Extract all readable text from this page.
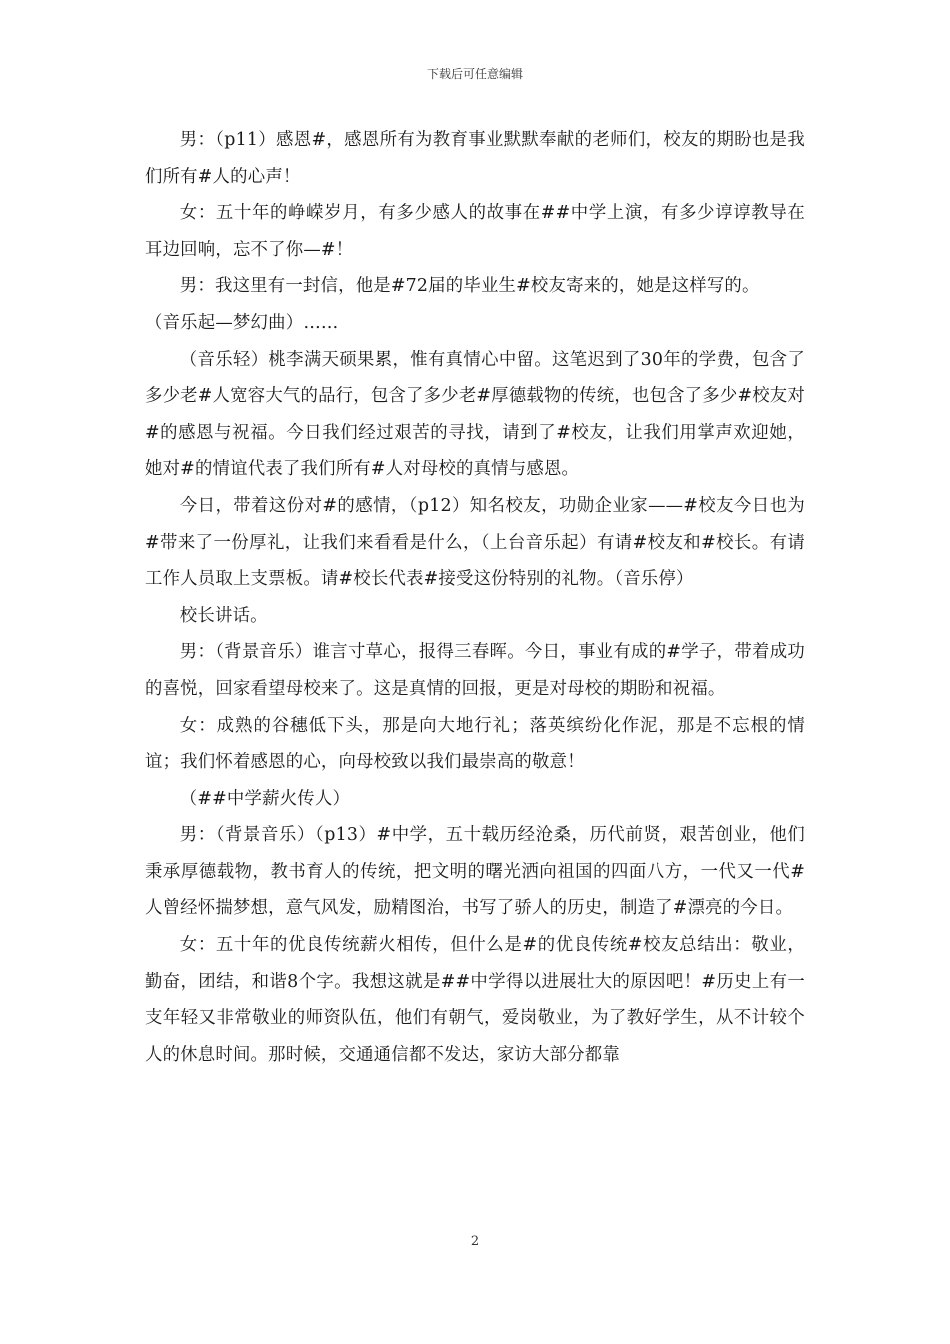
下载后可任意编辑

男：（p11）感恩#，感恩所有为教育事业默默奉献的老师们，校友的期盼也是我们所有#人的心声！

女：五十年的峥嵘岁月，有多少感人的故事在##中学上演，有多少谆谆教导在耳边回响，忘不了你—#！

男：我这里有一封信，他是#72届的毕业生#校友寄来的，她是这样写的。

（音乐起—梦幻曲）……

（音乐轻）桃李满天硕果累，惟有真情心中留。这笔迟到了30年的学费，包含了多少老#人宽容大气的品行，包含了多少老#厚德载物的传统，也包含了多少#校友对#的感恩与祝福。今日我们经过艰苦的寻找，请到了#校友，让我们用掌声欢迎她，她对#的情谊代表了我们所有#人对母校的真情与感恩。

今日，带着这份对#的感情，（p12）知名校友，功勋企业家——#校友今日也为#带来了一份厚礼，让我们来看看是什么，（上台音乐起）有请#校友和#校长。有请工作人员取上支票板。请#校长代表#接受这份特别的礼物。（音乐停）

校长讲话。

男：（背景音乐）谁言寸草心，报得三春晖。今日，事业有成的#学子，带着成功的喜悦，回家看望母校来了。这是真情的回报，更是对母校的期盼和祝福。

女：成熟的谷穗低下头，那是向大地行礼；落英缤纷化作泥，那是不忘根的情谊；我们怀着感恩的心，向母校致以我们最崇高的敬意！

（##中学薪火传人）

男：（背景音乐）（p13）#中学，五十载历经沧桑，历代前贤，艰苦创业，他们秉承厚德载物，教书育人的传统，把文明的曙光洒向祖国的四面八方，一代又一代#人曾经怀揣梦想，意气风发，励精图治，书写了骄人的历史，制造了#漂亮的今日。

女：五十年的优良传统薪火相传，但什么是#的优良传统#校友总结出：敬业，勤奋，团结，和谐8个字。我想这就是##中学得以进展壮大的原因吧！#历史上有一支年轻又非常敬业的师资队伍，他们有朝气，爱岗敬业，为了教好学生，从不计较个人的休息时间。那时候，交通通信都不发达，家访大部分都靠

2
